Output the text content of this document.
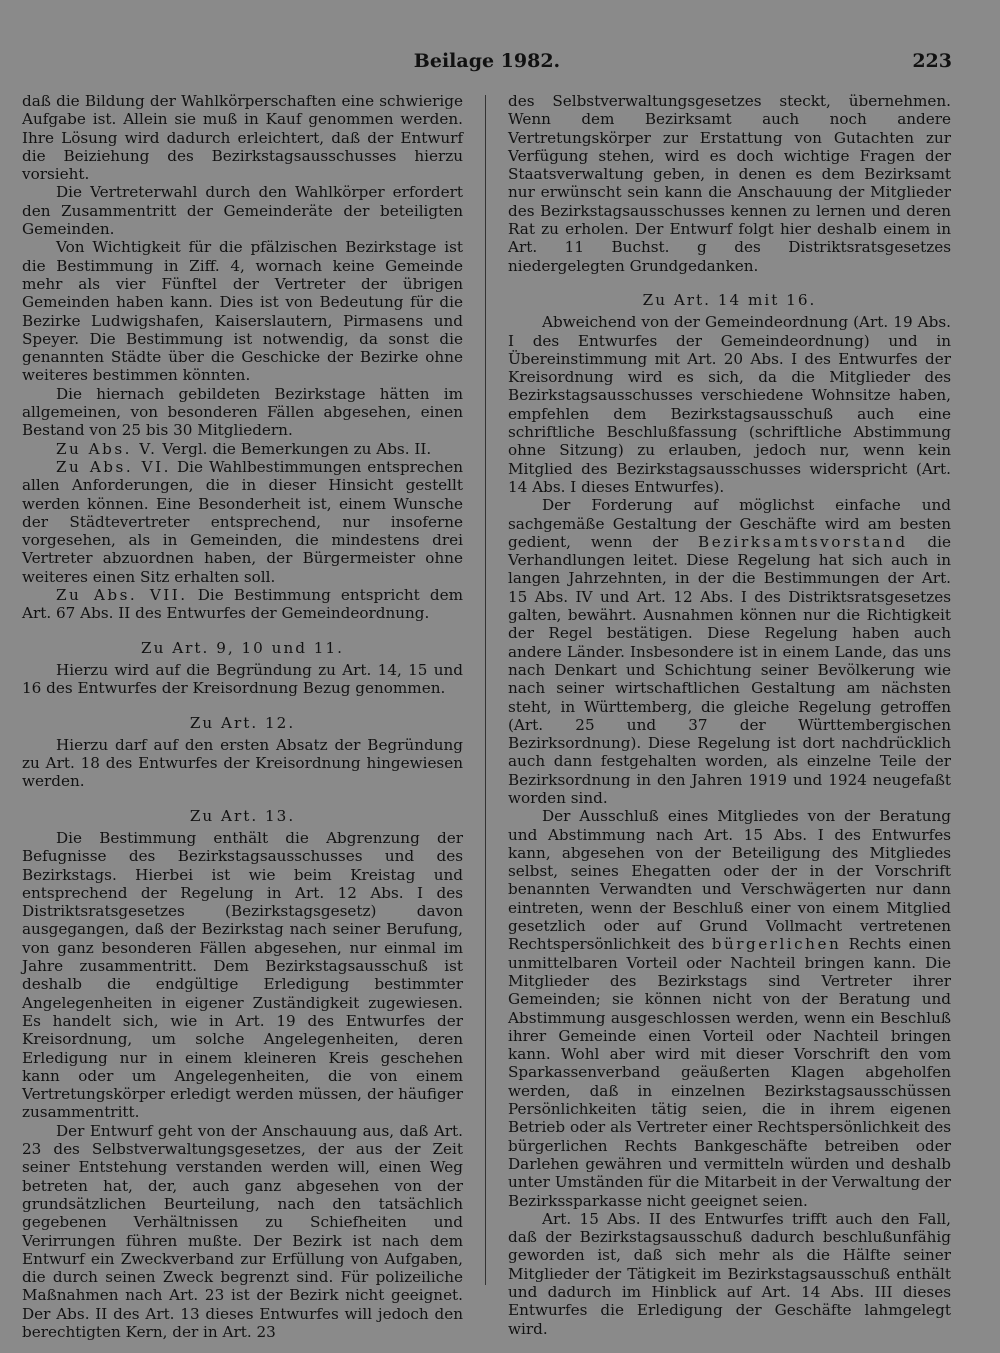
Beilage 1982.	223

daß die Bildung der Wahlkörperschaften eine schwierige Aufgabe ist. Allein sie muß in Kauf genommen werden. Ihre Lösung wird dadurch erleichtert, daß der Entwurf die Beiziehung des Bezirkstagsausschusses hierzu vorsieht.

Die Vertreterwahl durch den Wahlkörper erfordert den Zusammentritt der Gemeinderäte der beteiligten Gemeinden.

Von Wichtigkeit für die pfälzischen Bezirkstage ist die Bestimmung in Ziff. 4, wornach keine Gemeinde mehr als vier Fünftel der Vertreter der übrigen Gemeinden haben kann. Dies ist von Bedeutung für die Bezirke Ludwigshafen, Kaiserslautern, Pirmasens und Speyer. Die Bestimmung ist notwendig, da sonst die genannten Städte über die Geschicke der Bezirke ohne weiteres bestimmen könnten.

Die hiernach gebildeten Bezirkstage hätten im allgemeinen, von besonderen Fällen abgesehen, einen Bestand von 25 bis 30 Mitgliedern.

Zu Abs. V. Vergl. die Bemerkungen zu Abs. II.

Zu Abs. VI. Die Wahlbestimmungen entsprechen allen Anforderungen, die in dieser Hinsicht gestellt werden können. Eine Besonderheit ist, einem Wunsche der Städtevertreter entsprechend, nur insoferne vorgesehen, als in Gemeinden, die mindestens drei Vertreter abzuordnen haben, der Bürgermeister ohne weiteres einen Sitz erhalten soll.

Zu Abs. VII. Die Bestimmung entspricht dem Art. 67 Abs. II des Entwurfes der Gemeindeordnung.

Zu Art. 9, 10 und 11.

Hierzu wird auf die Begründung zu Art. 14, 15 und 16 des Entwurfes der Kreisordnung Bezug genommen.

Zu Art. 12.

Hierzu darf auf den ersten Absatz der Begründung zu Art. 18 des Entwurfes der Kreisordnung hingewiesen werden.

Zu Art. 13.

Die Bestimmung enthält die Abgrenzung der Befugnisse des Bezirkstagsausschusses und des Bezirkstags. Hierbei ist wie beim Kreistag und entsprechend der Regelung in Art. 12 Abs. I des Distriktsratsgesetzes (Bezirkstagsgesetz) davon ausgegangen, daß der Bezirkstag nach seiner Berufung, von ganz besonderen Fällen abgesehen, nur einmal im Jahre zusammentritt. Dem Bezirkstagsausschuß ist deshalb die endgültige Erledigung bestimmter Angelegenheiten in eigener Zuständigkeit zugewiesen. Es handelt sich, wie in Art. 19 des Entwurfes der Kreisordnung, um solche Angelegenheiten, deren Erledigung nur in einem kleineren Kreis geschehen kann oder um Angelegenheiten, die von einem Vertretungskörper erledigt werden müssen, der häufiger zusammentritt.

Der Entwurf geht von der Anschauung aus, daß Art. 23 des Selbstverwaltungsgesetzes, der aus der Zeit seiner Entstehung verstanden werden will, einen Weg betreten hat, der, auch ganz abgesehen von der grundsätzlichen Beurteilung, nach den tatsächlich gegebenen Verhältnissen zu Schiefheiten und Verirrungen führen mußte. Der Bezirk ist nach dem Entwurf ein Zweckverband zur Erfüllung von Aufgaben, die durch seinen Zweck begrenzt sind. Für polizeiliche Maßnahmen nach Art. 23 ist der Bezirk nicht geeignet. Der Abs. II des Art. 13 dieses Entwurfes will jedoch den berechtigten Kern, der in Art. 23

des Selbstverwaltungsgesetzes steckt, übernehmen. Wenn dem Bezirksamt auch noch andere Vertretungskörper zur Erstattung von Gutachten zur Verfügung stehen, wird es doch wichtige Fragen der Staatsverwaltung geben, in denen es dem Bezirksamt nur erwünscht sein kann die Anschauung der Mitglieder des Bezirkstagsausschusses kennen zu lernen und deren Rat zu erholen. Der Entwurf folgt hier deshalb einem in Art. 11 Buchst. g des Distriktsratsgesetzes niedergelegten Grundgedanken.

Zu Art. 14 mit 16.

Abweichend von der Gemeindeordnung (Art. 19 Abs. I des Entwurfes der Gemeindeordnung) und in Übereinstimmung mit Art. 20 Abs. I des Entwurfes der Kreisordnung wird es sich, da die Mitglieder des Bezirkstagsausschusses verschiedene Wohnsitze haben, empfehlen dem Bezirkstagsausschuß auch eine schriftliche Beschlußfassung (schriftliche Abstimmung ohne Sitzung) zu erlauben, jedoch nur, wenn kein Mitglied des Bezirkstagsausschusses widerspricht (Art. 14 Abs. I dieses Entwurfes).

Der Forderung auf möglichst einfache und sachgemäße Gestaltung der Geschäfte wird am besten gedient, wenn der Bezirksamtsvorstand die Verhandlungen leitet. Diese Regelung hat sich auch in langen Jahrzehnten, in der die Bestimmungen der Art. 15 Abs. IV und Art. 12 Abs. I des Distriktsratsgesetzes galten, bewährt. Ausnahmen können nur die Richtigkeit der Regel bestätigen. Diese Regelung haben auch andere Länder. Insbesondere ist in einem Lande, das uns nach Denkart und Schichtung seiner Bevölkerung wie nach seiner wirtschaftlichen Gestaltung am nächsten steht, in Württemberg, die gleiche Regelung getroffen (Art. 25 und 37 der Württembergischen Bezirksordnung). Diese Regelung ist dort nachdrücklich auch dann festgehalten worden, als einzelne Teile der Bezirksordnung in den Jahren 1919 und 1924 neugefaßt worden sind.

Der Ausschluß eines Mitgliedes von der Beratung und Abstimmung nach Art. 15 Abs. I des Entwurfes kann, abgesehen von der Beteiligung des Mitgliedes selbst, seines Ehegatten oder der in der Vorschrift benannten Verwandten und Verschwägerten nur dann eintreten, wenn der Beschluß einer von einem Mitglied gesetzlich oder auf Grund Vollmacht vertretenen Rechtspersönlichkeit des bürgerlichen Rechts einen unmittelbaren Vorteil oder Nachteil bringen kann. Die Mitglieder des Bezirkstags sind Vertreter ihrer Gemeinden; sie können nicht von der Beratung und Abstimmung ausgeschlossen werden, wenn ein Beschluß ihrer Gemeinde einen Vorteil oder Nachteil bringen kann. Wohl aber wird mit dieser Vorschrift den vom Sparkassenverband geäußerten Klagen abgeholfen werden, daß in einzelnen Bezirkstagsausschüssen Persönlichkeiten tätig seien, die in ihrem eigenen Betrieb oder als Vertreter einer Rechtspersönlichkeit des bürgerlichen Rechts Bankgeschäfte betreiben oder Darlehen gewähren und vermitteln würden und deshalb unter Umständen für die Mitarbeit in der Verwaltung der Bezirkssparkasse nicht geeignet seien.

Art. 15 Abs. II des Entwurfes trifft auch den Fall, daß der Bezirkstagsausschuß dadurch beschlußunfähig geworden ist, daß sich mehr als die Hälfte seiner Mitglieder der Tätigkeit im Bezirkstagsausschuß enthält und dadurch im Hinblick auf Art. 14 Abs. III dieses Entwurfes die Erledigung der Geschäfte lahmgelegt wird.
